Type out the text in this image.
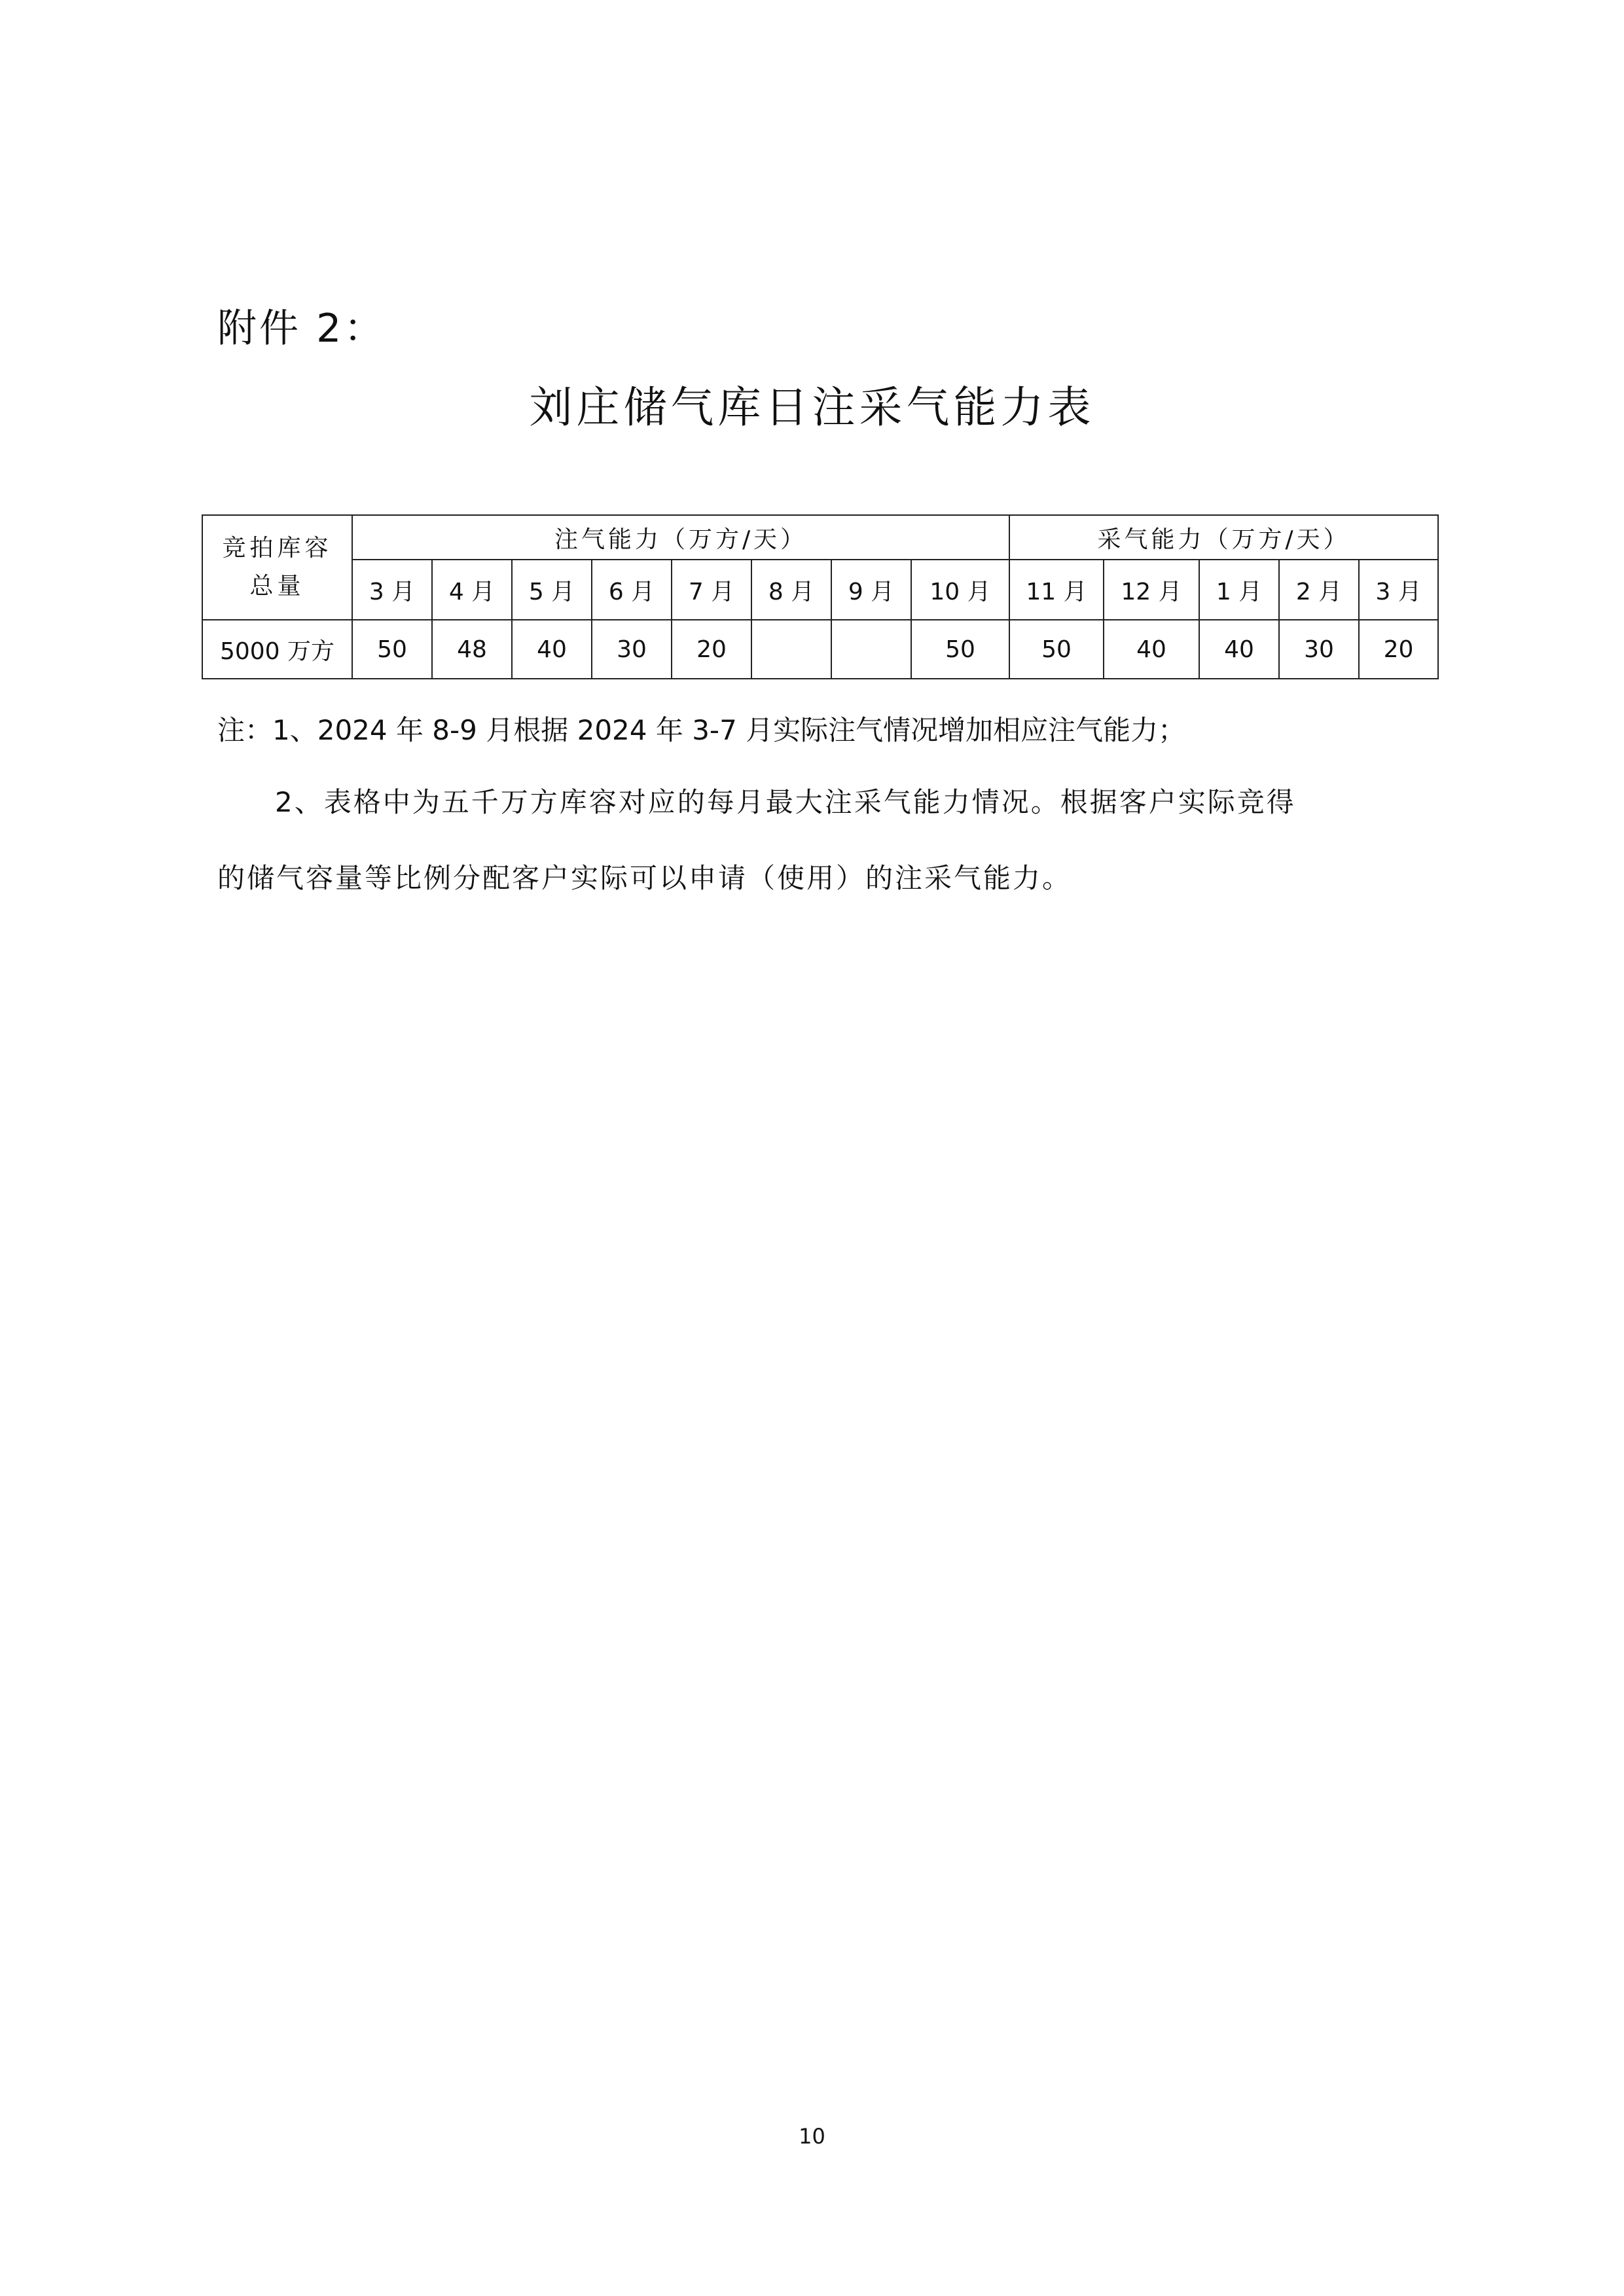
附件 2：
刘庄储气库日注采气能力表
竞拍库容
总量	注气能力（万方/天）								采气能力（万方/天）				
	3 月	4 月	5 月	6 月	7 月	8 月	9 月	10 月	11 月	12 月	1 月	2 月	3 月
5000 万方	50	48	40	30	20			50	50	40	40	30	20
注：1、2024 年 8-9 月根据 2024 年 3-7 月实际注气情况增加相应注气能力；
2、表格中为五千万方库容对应的每月最大注采气能力情况。根据客户实际竞得
的储气容量等比例分配客户实际可以申请（使用）的注采气能力。
10
